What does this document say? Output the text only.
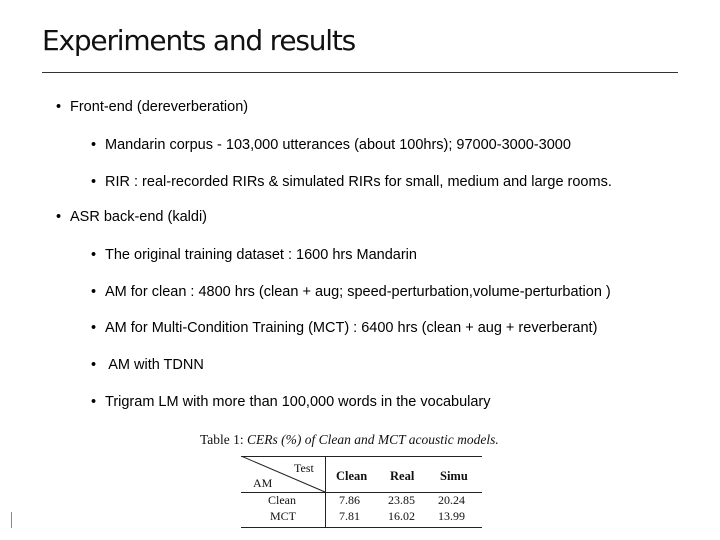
Experiments and results
• Front-end (dereverberation)
• Mandarin corpus - 103,000 utterances (about 100hrs); 97000-3000-3000
• RIR : real-recorded RIRs & simulated RIRs for small, medium and large rooms.
• ASR back-end (kaldi)
• The original training dataset : 1600 hrs Mandarin
• AM for clean : 4800 hrs (clean + aug; speed-perturbation,volume-perturbation )
• AM for Multi-Condition Training (MCT) : 6400 hrs (clean + aug + reverberant)
• AM with TDNN
• Trigram LM with more than 100,000 words in the vocabulary
Table 1: CERs (%) of Clean and MCT acoustic models.
Test
AM	Clean Real Simu
Clean	7.86 23.85 20.24
MCT	7.81 16.02 13.99
